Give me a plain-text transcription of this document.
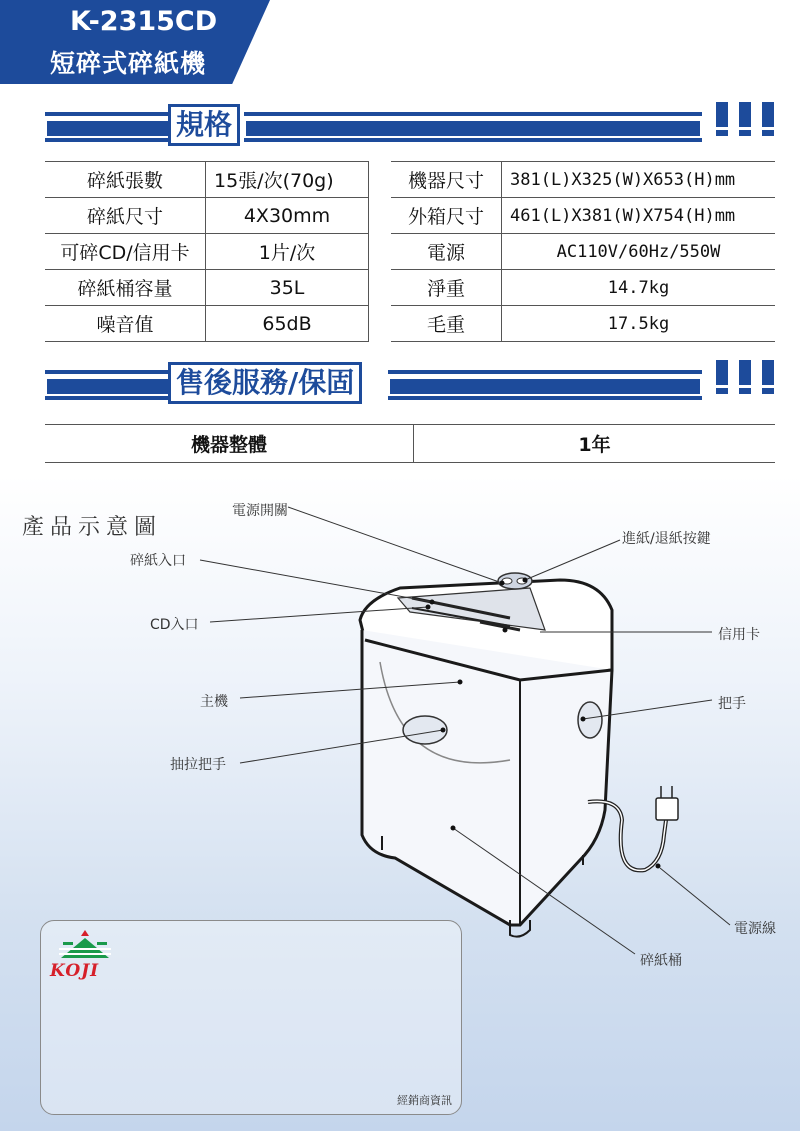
K-2315CD
短碎式碎紙機
規格
碎紙張數	15張/次(70g)		機器尺寸	381(L)X325(W)X653(H)mm
碎紙尺寸	4X30mm		外箱尺寸	461(L)X381(W)X754(H)mm
可碎CD/信用卡	1片/次		電源	AC110V/60Hz/550W
碎紙桶容量	35L		淨重	14.7kg
噪音值	65dB		毛重	17.5kg
售後服務/保固
機器整體	1年
產品示意圖
電源開關
進紙/退紙按鍵
碎紙入口
CD入口
信用卡
主機	把手
抽拉把手
電源線
碎紙桶
KOJI
經銷商資訊
